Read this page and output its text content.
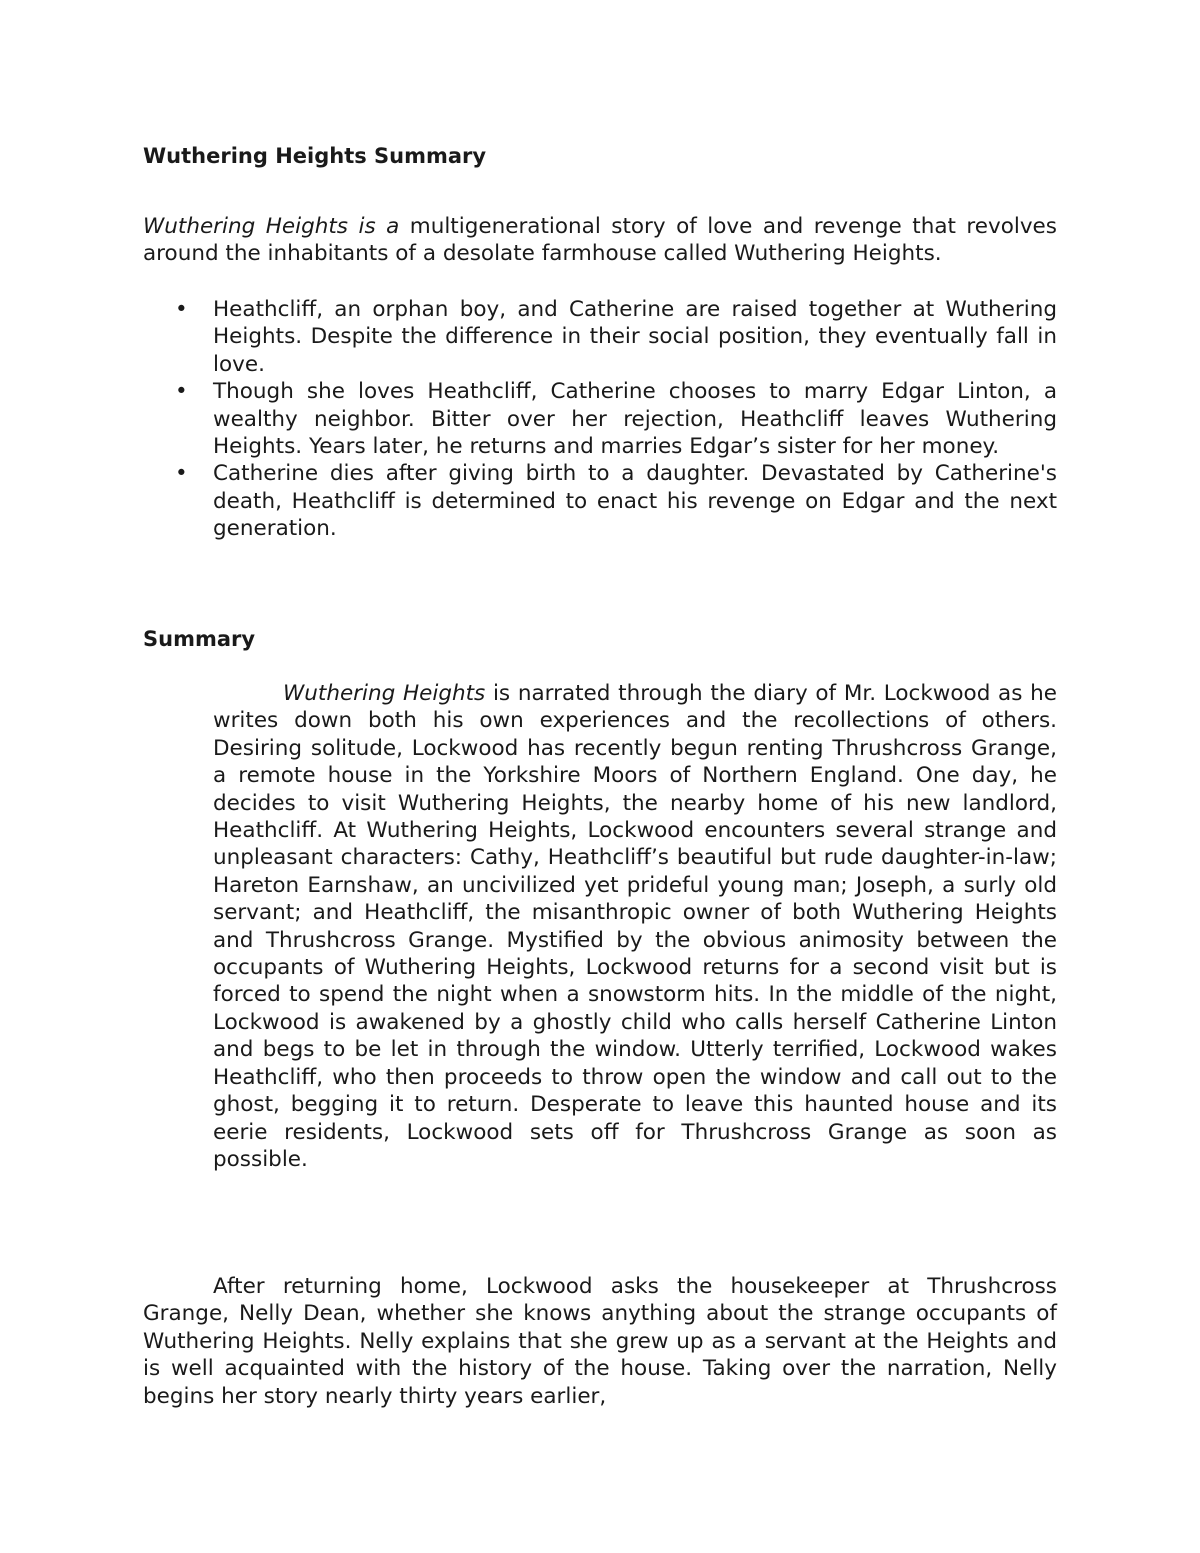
Wuthering Heights Summary

Wuthering Heights is a multigenerational story of love and revenge that revolves around the inhabitants of a desolate farmhouse called Wuthering Heights.

• Heathcliff, an orphan boy, and Catherine are raised together at Wuthering Heights. Despite the difference in their social position, they eventually fall in love.
• Though she loves Heathcliff, Catherine chooses to marry Edgar Linton, a wealthy neighbor. Bitter over her rejection, Heathcliff leaves Wuthering Heights. Years later, he returns and marries Edgar’s sister for her money.
• Catherine dies after giving birth to a daughter. Devastated by Catherine's death, Heathcliff is determined to enact his revenge on Edgar and the next generation.
Summary

Wuthering Heights is narrated through the diary of Mr. Lockwood as he writes down both his own experiences and the recollections of others. Desiring solitude, Lockwood has recently begun renting Thrushcross Grange, a remote house in the Yorkshire Moors of Northern England. One day, he decides to visit Wuthering Heights, the nearby home of his new landlord, Heathcliff. At Wuthering Heights, Lockwood encounters several strange and unpleasant characters: Cathy, Heathcliff’s beautiful but rude daughter-in-law; Hareton Earnshaw, an uncivilized yet prideful young man; Joseph, a surly old servant; and Heathcliff, the misanthropic owner of both Wuthering Heights and Thrushcross Grange. Mystified by the obvious animosity between the occupants of Wuthering Heights, Lockwood returns for a second visit but is forced to spend the night when a snowstorm hits. In the middle of the night, Lockwood is awakened by a ghostly child who calls herself Catherine Linton and begs to be let in through the window. Utterly terrified, Lockwood wakes Heathcliff, who then proceeds to throw open the window and call out to the ghost, begging it to return. Desperate to leave this haunted house and its eerie residents, Lockwood sets off for Thrushcross Grange as soon as possible.

After returning home, Lockwood asks the housekeeper at Thrushcross Grange, Nelly Dean, whether she knows anything about the strange occupants of Wuthering Heights. Nelly explains that she grew up as a servant at the Heights and is well acquainted with the history of the house. Taking over the narration, Nelly begins her story nearly thirty years earlier,
